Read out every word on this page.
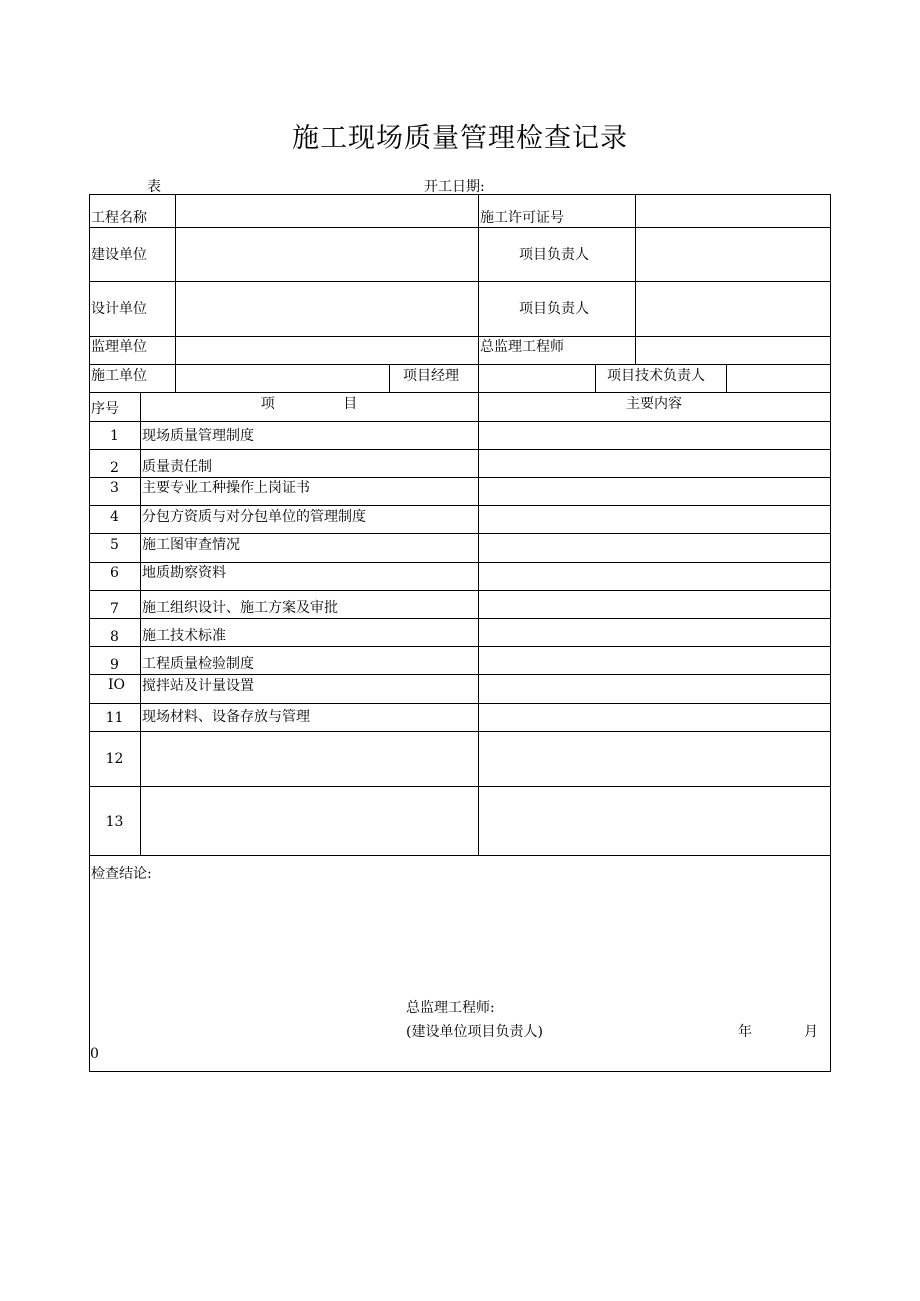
施工现场质量管理检查记录
表	开工日期:
工程名称	施工许可证号
建设单位	项目负责人
设计单位	项目负责人
监理单位	总监理工程师
施工单位	项目经理	项目技术负责人
序号	项 目	主要内容
1	现场质量管理制度
2	质量责任制
3	主要专业工种操作上岗证书
4	分包方资质与对分包单位的管理制度
5	施工图审查情况
6	地质勘察资料
7	施工组织设计、施工方案及审批
8	施工技术标准
9	工程质量检验制度
IO 搅拌站及计量设置
11	现场材料、设备存放与管理
12
13
检查结论:
总监理工程师:
(建设单位项目负责人)	年	月
0
